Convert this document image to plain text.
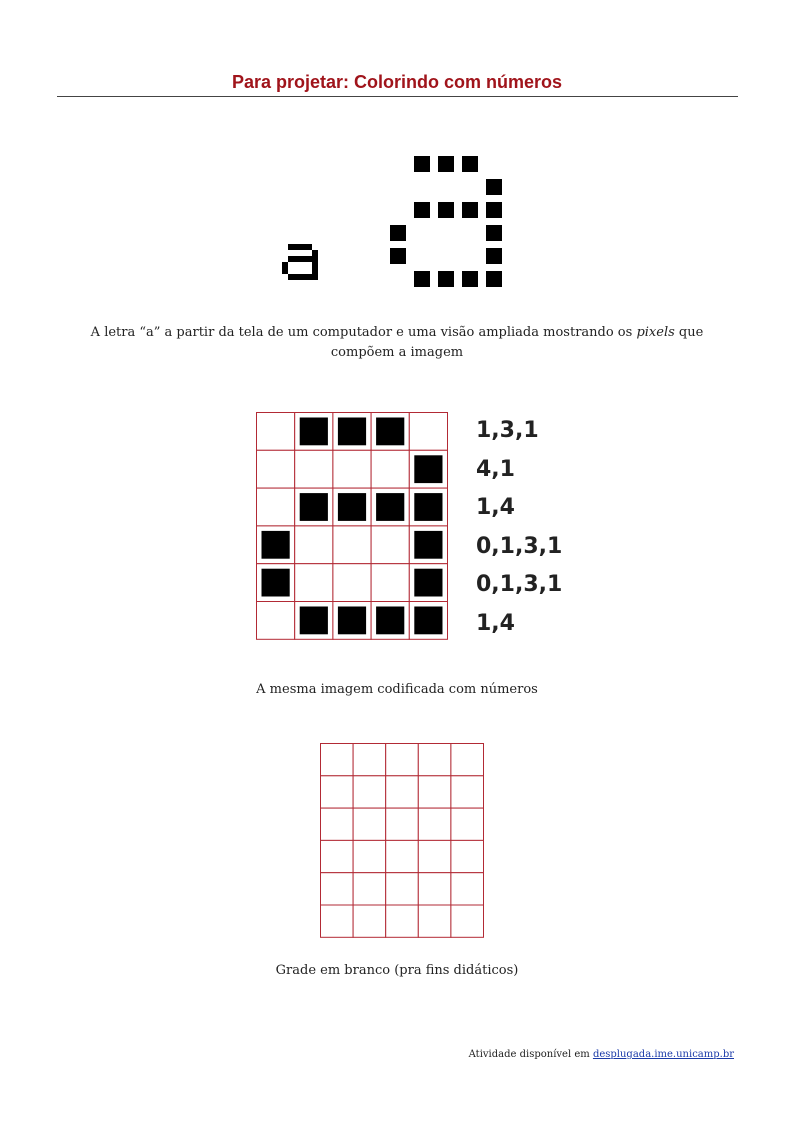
Para projetar: Colorindo com números
A letra “a” a partir da tela de um computador e uma visão ampliada mostrando os pixels que compõem a imagem
1,3,1
4,1
1,4
0,1,3,1
0,1,3,1
1,4
A mesma imagem codificada com números
Grade em branco (pra fins didáticos)
Atividade disponível em desplugada.ime.unicamp.br
